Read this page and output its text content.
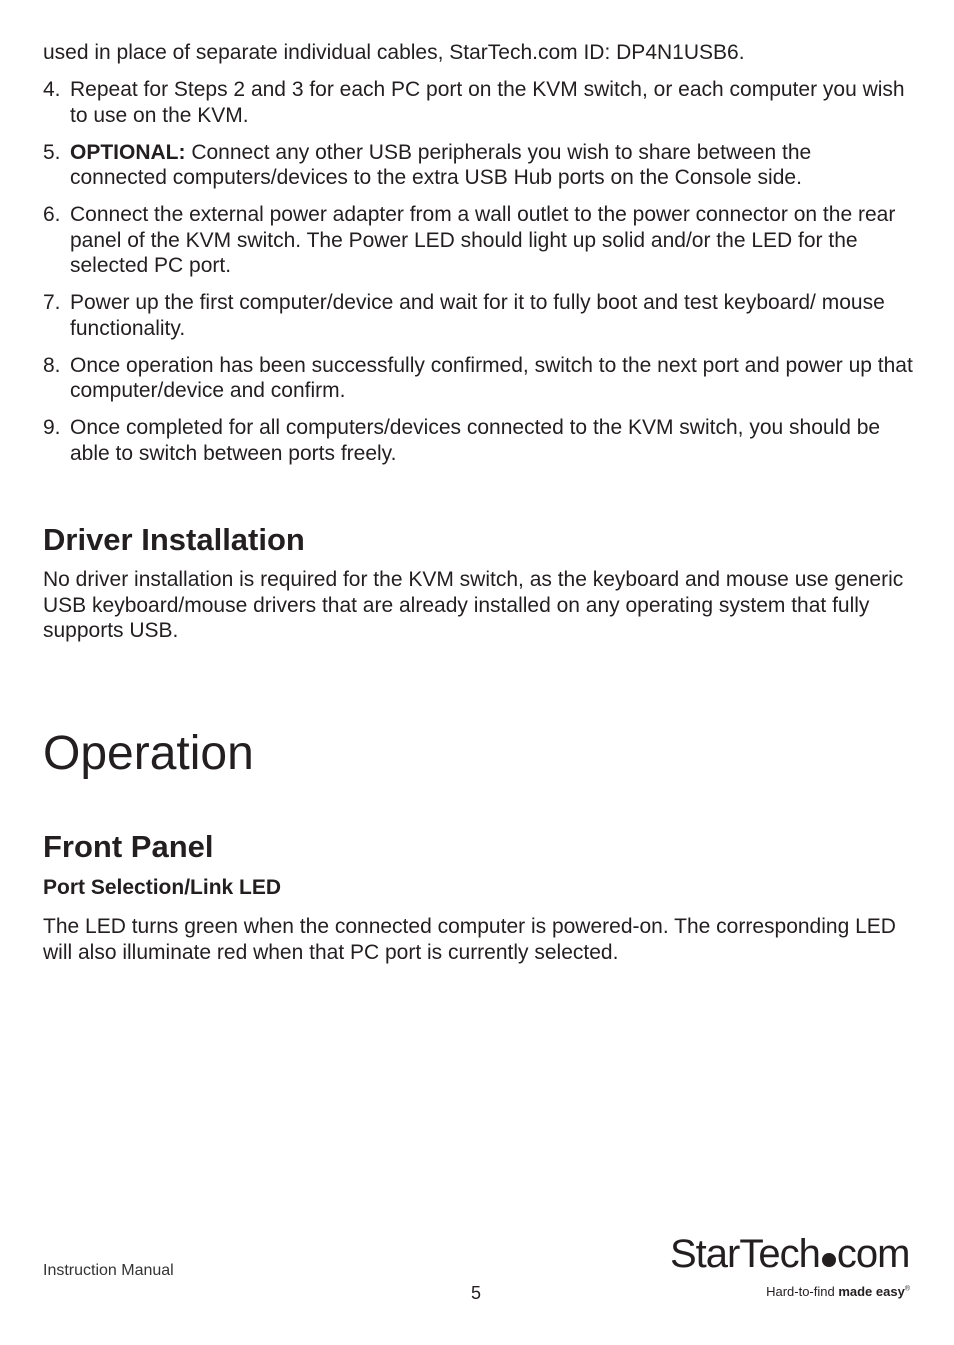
used in place of separate individual cables, StarTech.com ID: DP4N1USB6.
4. Repeat for Steps 2 and 3 for each PC port on the KVM switch, or each computer you wish to use on the KVM.
5. OPTIONAL: Connect any other USB peripherals you wish to share between the connected computers/devices to the extra USB Hub ports on the Console side.
6. Connect the external power adapter from a wall outlet to the power connector on the rear panel of the KVM switch. The Power LED should light up solid and/or the LED for the selected PC port.
7. Power up the first computer/device and wait for it to fully boot and test keyboard/ mouse functionality.
8. Once operation has been successfully confirmed, switch to the next port and power up that computer/device and confirm.
9. Once completed for all computers/devices connected to the KVM switch, you should be able to switch between ports freely.
Driver Installation
No driver installation is required for the KVM switch, as the keyboard and mouse use generic USB keyboard/mouse drivers that are already installed on any operating system that fully supports USB.
Operation
Front Panel
Port Selection/Link LED
The LED turns green when the connected computer is powered-on. The corresponding LED will also illuminate red when that PC port is currently selected.
Instruction Manual
5
StarTech com
Hard-to-find made easy®
